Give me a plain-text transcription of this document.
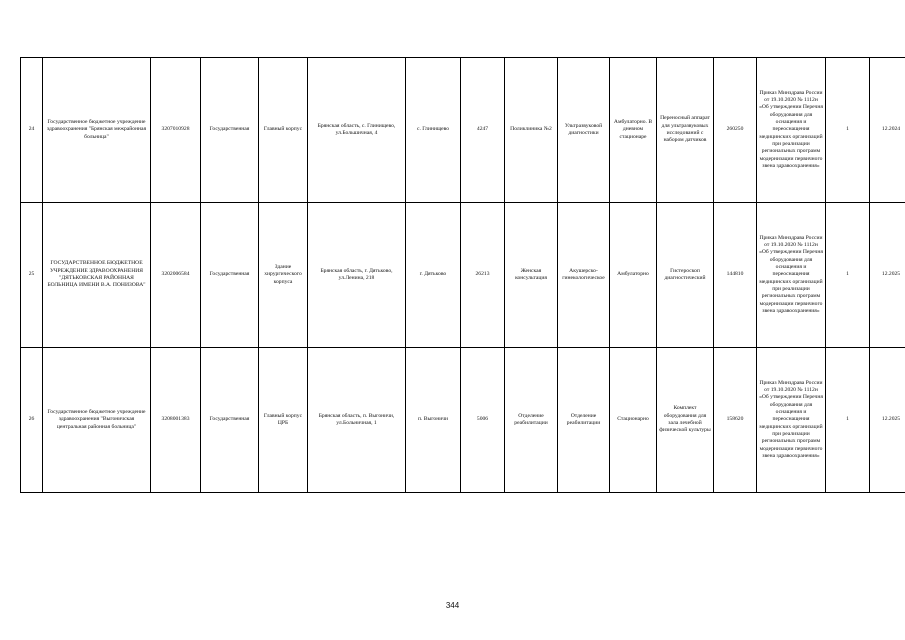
24	Государственное бюджетное учреждение здравоохранения "Брянская межрайонная больница"	3207010928	Государственная	Главный корпус	Брянская область, с. Глинищево, ул.Большичная, 4	с. Глинищево	4247	Поликлиника №2	Ультразвуковой диагностики	Амбулаторно. В дневном стационаре	Переносный аппарат для ультразвуковых исследований с набором датчиков	260250	Приказ Минздрава России от 19.10.2020 № 1112н «Об утверждении Перечня оборудования для оснащения и переоснащения медицинских организаций при реализации региональных программ модернизации первичного звена здравоохранения»	1	12.2024
25	ГОСУДАРСТВЕННОЕ БЮДЖЕТНОЕ УЧРЕЖДЕНИЕ ЗДРАВООХРАНЕНИЯ "ДЯТЬКОВСКАЯ РАЙОННАЯ БОЛЬНИЦА ИМЕНИ В.А. ПОНИЗОВА"	3202006584	Государственная	Здание хирургического корпуса	Брянская область, г. Дятьково, ул.Ленина, 218	г. Дятьково	26213	Женская консультация	Акушерско-гинекологическое	Амбулаторно	Гистероскоп диагностический	144810	Приказ Минздрава России от 19.10.2020 № 1112н «Об утверждении Перечня оборудования для оснащения и переоснащения медицинских организаций при реализации региональных программ модернизации первичного звена здравоохранения»	1	12.2025
26	Государственное бюджетное учреждение здравоохранения "Выгоничская центральная районная больница"	3208001383	Государственная	Главный корпус ЦРБ	Брянская область, п. Выгоничи, ул.Больничная, 1	п. Выгоничи	5006	Отделение реабилитации	Отделение реабилитации	Стационарно	Комплект оборудования для зала лечебной физической культуры	158620	Приказ Минздрава России от 19.10.2020 № 1112н «Об утверждении Перечня оборудования для оснащения и переоснащения медицинских организаций при реализации региональных программ модернизации первичного звена здравоохранения»	1	12.2025
344
